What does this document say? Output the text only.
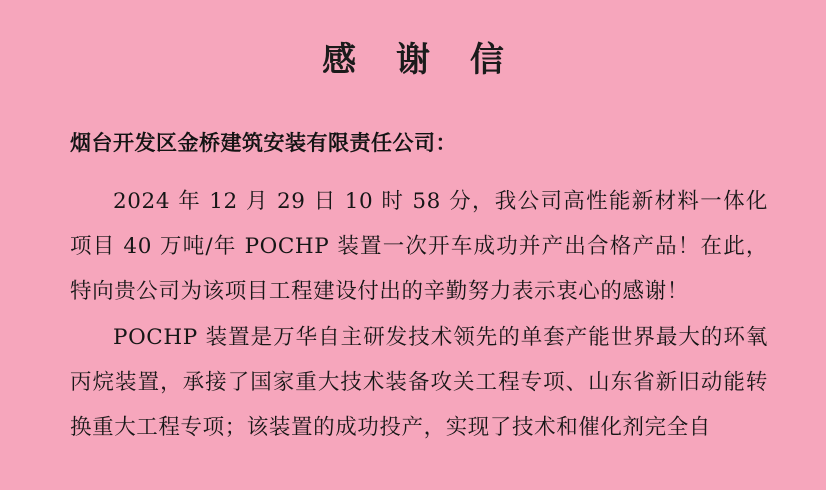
感 谢 信
烟台开发区金桥建筑安装有限责任公司：

2024 年 12 月 29 日 10 时 58 分，我公司高性能新材料一体化项目 40 万吨/年 POCHP 装置一次开车成功并产出合格产品！在此，特向贵公司为该项目工程建设付出的辛勤努力表示衷心的感谢！

POCHP 装置是万华自主研发技术领先的单套产能世界最大的环氧丙烷装置，承接了国家重大技术装备攻关工程专项、山东省新旧动能转换重大工程专项；该装置的成功投产，实现了技术和催化剂完全自
